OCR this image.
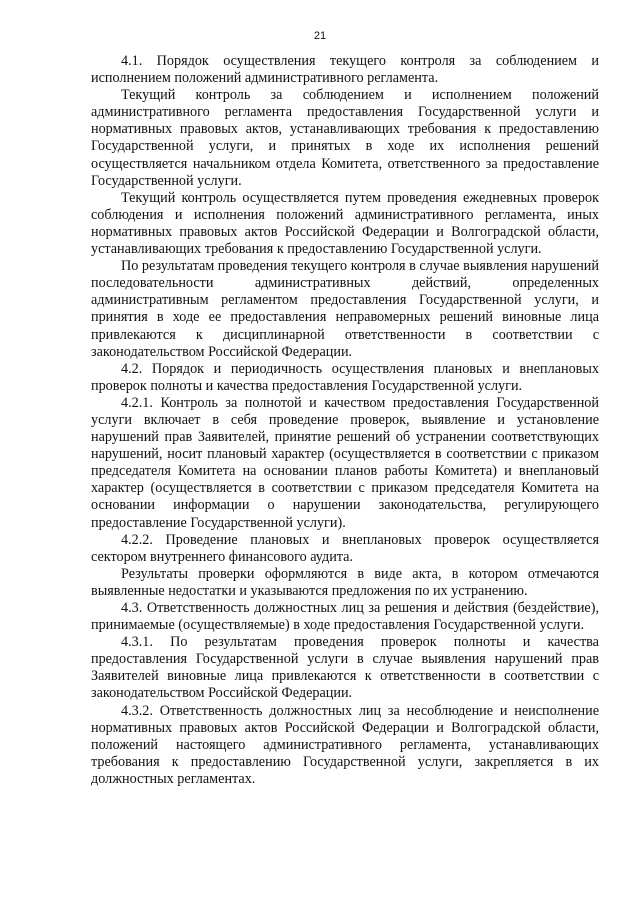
21

4.1. Порядок осуществления текущего контроля за соблюдением и исполнением положений административного регламента.

Текущий контроль за соблюдением и исполнением положений административного регламента предоставления Государственной услуги и нормативных правовых актов, устанавливающих требования к предоставлению Государственной услуги, и принятых в ходе их исполнения решений осуществляется начальником отдела Комитета, ответственного за предоставление Государственной услуги.

Текущий контроль осуществляется путем проведения ежедневных проверок соблюдения и исполнения положений административного регламента, иных нормативных правовых актов Российской Федерации и Волгоградской области, устанавливающих требования к предоставлению Государственной услуги.

По результатам проведения текущего контроля в случае выявления нарушений последовательности административных действий, определенных административным регламентом предоставления Государственной услуги, и принятия в ходе ее предоставления неправомерных решений виновные лица привлекаются к дисциплинарной ответственности в соответствии с законодательством Российской Федерации.

4.2. Порядок и периодичность осуществления плановых и внеплановых проверок полноты и качества предоставления Государственной услуги.

4.2.1. Контроль за полнотой и качеством предоставления Государственной услуги включает в себя проведение проверок, выявление и установление нарушений прав Заявителей, принятие решений об устранении соответствующих нарушений, носит плановый характер (осуществляется в соответствии с приказом председателя Комитета на основании планов работы Комитета) и внеплановый характер (осуществляется в соответствии с приказом председателя Комитета на основании информации о нарушении законодательства, регулирующего предоставление Государственной услуги).

4.2.2. Проведение плановых и внеплановых проверок осуществляется сектором внутреннего финансового аудита.

Результаты проверки оформляются в виде акта, в котором отмечаются выявленные недостатки и указываются предложения по их устранению.

4.3. Ответственность должностных лиц за решения и действия (бездействие), принимаемые (осуществляемые) в ходе предоставления Государственной услуги.

4.3.1. По результатам проведения проверок полноты и качества предоставления Государственной услуги в случае выявления нарушений прав Заявителей виновные лица привлекаются к ответственности в соответствии с законодательством Российской Федерации.

4.3.2. Ответственность должностных лиц за несоблюдение и неисполнение нормативных правовых актов Российской Федерации и Волгоградской области, положений настоящего административного регламента, устанавливающих требования к предоставлению Государственной услуги, закрепляется в их должностных регламентах.
